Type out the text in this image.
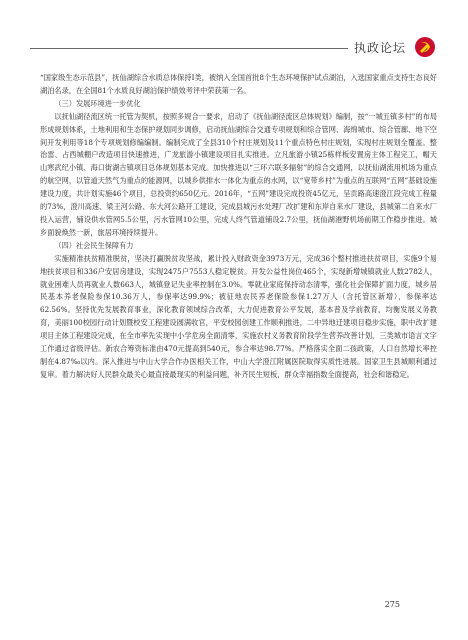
执政论坛

“国家级生态示范县”，抚仙湖综合水质总体保持Ⅰ类，被纳入全国首批8个生态环境保护试点湖泊，入选国家重点支持生态良好湖泊名录，在全国81个水质良好湖泊保护绩效考评中荣获第一名。

（三）发展环境进一步优化

以抚仙湖径流区统一托管为契机，按照多规合一要求，启动了《抚仙湖径流区总体规划》编制，按“一城五镇多村”的布局形成规划体系，土地利用和生态保护规划同步调修，启动抚仙湖综合交通专项规划和综合管网、海绵城市、综合管廊、地下空间开发利用等18个专项规划修编编制。编制完成了全县310个村庄规划及11个重点特色村庄规划，实现村庄规划全覆盖。整治雷、占西城棚户改造项目快速推进，广龙旅游小镇建设项目扎实推进。立凡旅游小镇25栋样板安置房主体工程完工，帽天山寒武纪小镇、海口街湖古镇项目总体规划基本完成。加快推进以“三环六联多辐射”的综合交通网，以抚仙湖流用机场为重点的航空网，以管道天然气为重点的能源网，以城乡供排水一体化为重点的水网，以“宽带乡村”为重点的互联网“五网”基础设施建设力度，共计划实施46个项目，总投资约650亿元。2016年，“五网”建设完成投资45亿元，呈贡路高速澄江段完成工程量的73%，澄川高速、梁王河公路、东大河公路开工建设，完成县城污水处理厂改扩建和东岸自来水厂建设，县城第二自来水厂投入运营，铺设供水管网5.5公里，污水管网10公里，完成人终气管道铺设2.7公里，抚仙湖港野机场前期工作稳步推进。城乡面貌焕然一新，旅居环境持续提升。

（四）社会民生保障有力

实施精准扶贫精准脱贫，坚决打赢脱贫攻坚战，累计投入财政资金3973万元，完成36个整村推进扶贫项目，实施9个易地扶贫项目和336户安居房建设，实现2475户7553人稳定脱贫。开发公益性岗位465个，实现新增城镇就业人数2782人，就业困难人员再就业人数663人，城镇登记失业率控制在3.0%。零就业家庭保持动态清零，强化社会保障扩面力度，城乡居民基本养老保险参保10.36万人，参保率达99.9%；被征地农民养老保险参保1.27万人（含托管区新增），参保率达62.56%。坚持优先发展教育事业，深化教育领域综合改革，大力促进教育公平发展，基本普及学前教育，均衡发展义务教育，美丽100校园行动计划暨校安工程建设圆满收官，平安校园创建工作顺利推进，二中异地迁建项目稳步实施，职中改扩建项目主体工程建设完成，在全市率先实现中小学危房全面清零，实施农村义务教育阶段学生营养改善计划，三类城市语言文字工作通过省级评估。新农合筹资标准由470元提高到540元，参合率达98.77%。严格落实全面二孩政策，人口自然增长率控制在4.87‰以内。深入推进与中山大学合作办医相关工作，中山大学澄江附属医院取得实质性进展。国家卫生县城顺利通过复审。着力解决好人民群众最关心最直接最现实的利益问题，补齐民生短板，群众幸福指数全面提高，社会和谐稳定。

275
